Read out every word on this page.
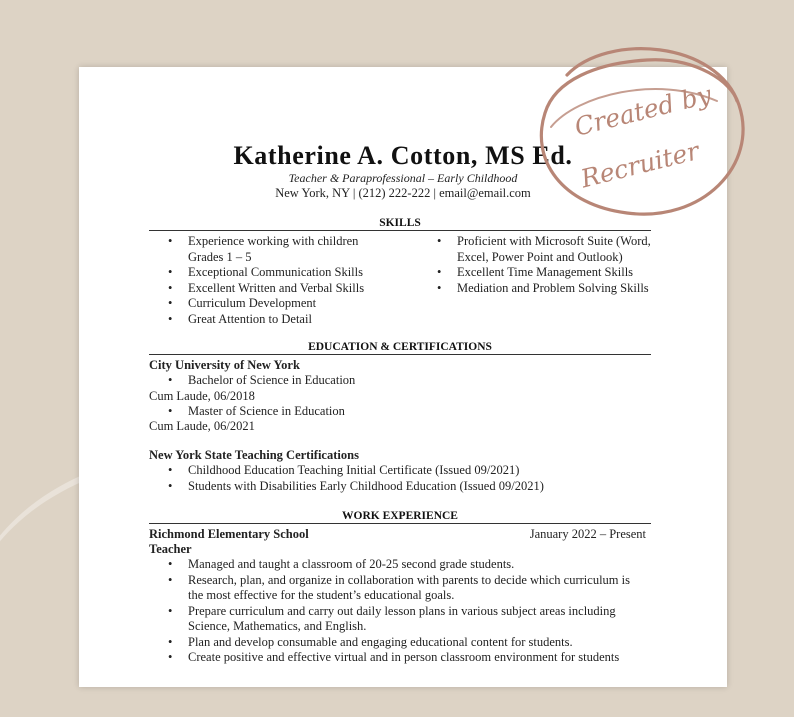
Katherine A. Cotton, MS Ed.
Teacher & Paraprofessional – Early Childhood
New York, NY | (212) 222-222 | email@email.com
SKILLS
• Experience working with children Grades 1 – 5
• Exceptional Communication Skills
• Excellent Written and Verbal Skills
• Curriculum Development
• Great Attention to Detail
• Proficient with Microsoft Suite (Word, Excel, Power Point and Outlook)
• Excellent Time Management Skills
• Mediation and Problem Solving Skills
EDUCATION & CERTIFICATIONS
City University of New York
• Bachelor of Science in Education
Cum Laude, 06/2018
• Master of Science in Education
Cum Laude, 06/2021
New York State Teaching Certifications
• Childhood Education Teaching Initial Certificate (Issued 09/2021)
• Students with Disabilities Early Childhood Education (Issued 09/2021)
WORK EXPERIENCE
Richmond Elementary School	January 2022 – Present
Teacher
• Managed and taught a classroom of 20-25 second grade students.
• Research, plan, and organize in collaboration with parents to decide which curriculum is the most effective for the student’s educational goals.
• Prepare curriculum and carry out daily lesson plans in various subject areas including Science, Mathematics, and English.
• Plan and develop consumable and engaging educational content for students.
• Create positive and effective virtual and in person classroom environment for students
Created by
Recruiter
